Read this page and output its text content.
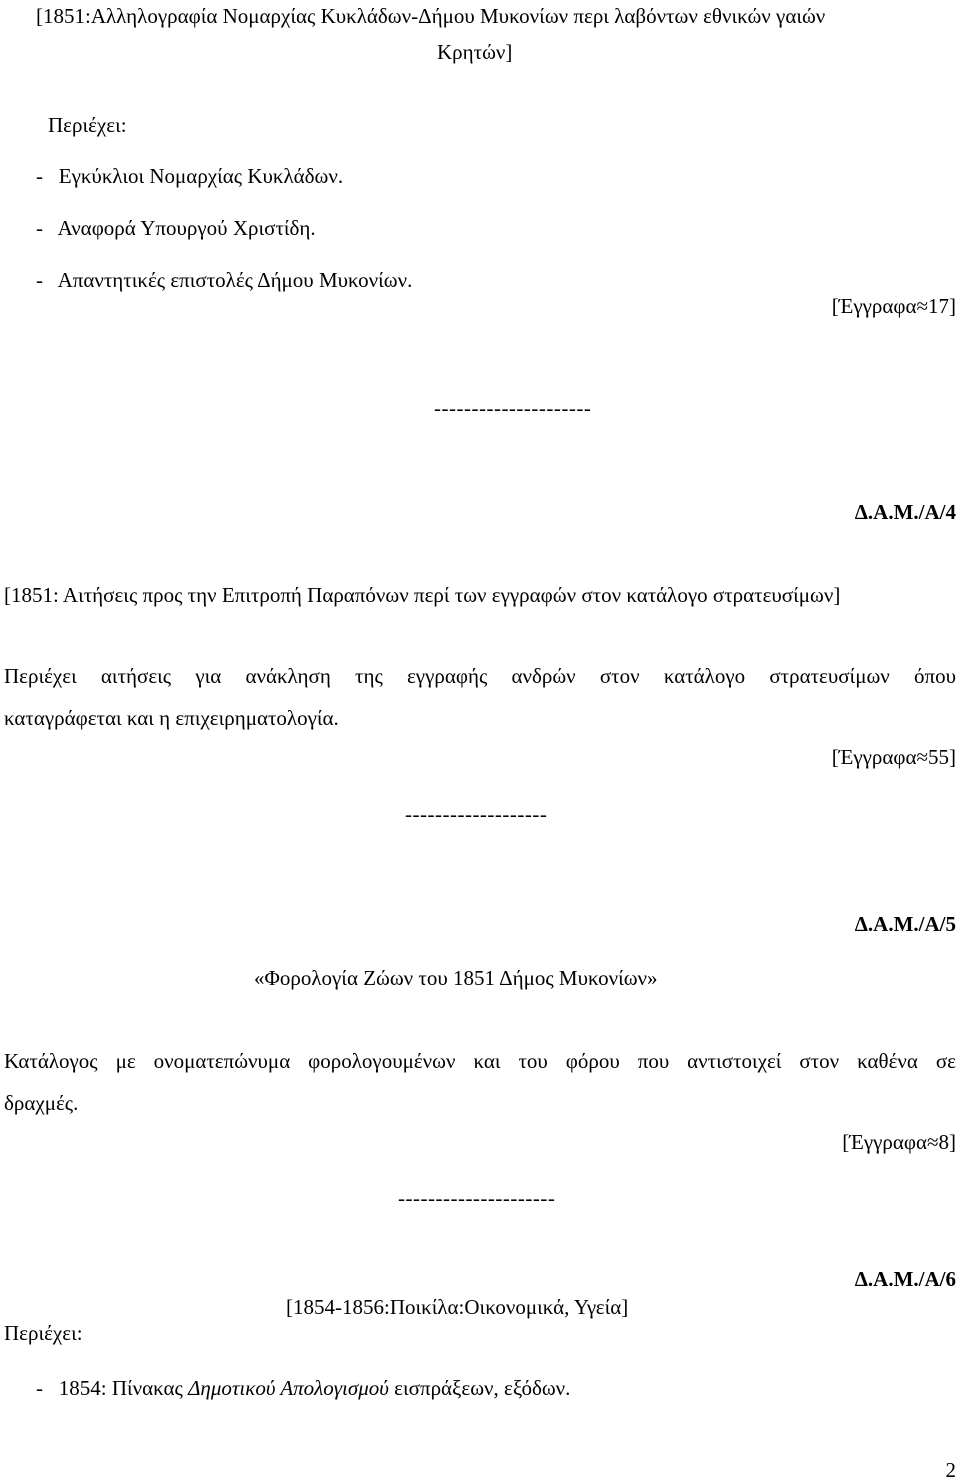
[1851:Αλληλογραφία Νομαρχίας Κυκλάδων-Δήμου Μυκονίων περι λαβόντων εθνικών γαιών
Κρητών]
Περιέχει:
-   Εγκύκλιοι Νομαρχίας Κυκλάδων.
-   Αναφορά Υπουργού Χριστίδη.
-   Απαντητικές επιστολές Δήμου Μυκονίων.
[Έγγραφα≈17]
---------------------
Δ.Α.Μ./Α/4
[1851: Αιτήσεις προς την Επιτροπή Παραπόνων περί των εγγραφών στον κατάλογο στρατευσίμων]
Περιέχει αιτήσεις για ανάκληση της εγγραφής ανδρών στον κατάλογο στρατευσίμων όπου
καταγράφεται και η επιχειρηματολογία.
[Έγγραφα≈55]
-------------------
Δ.Α.Μ./Α/5
«Φορολογία Ζώων του 1851 Δήμος Μυκονίων»
Κατάλογος με ονοματεπώνυμα φορολογουμένων και του φόρου που αντιστοιχεί στον καθένα σε
δραχμές.
[Έγγραφα≈8]
---------------------
Δ.Α.Μ./Α/6
[1854-1856:Ποικίλα:Οικονομικά, Υγεία]
Περιέχει:
-   1854: Πίνακας Δημοτικού Απολογισμού εισπράξεων, εξόδων.
2
